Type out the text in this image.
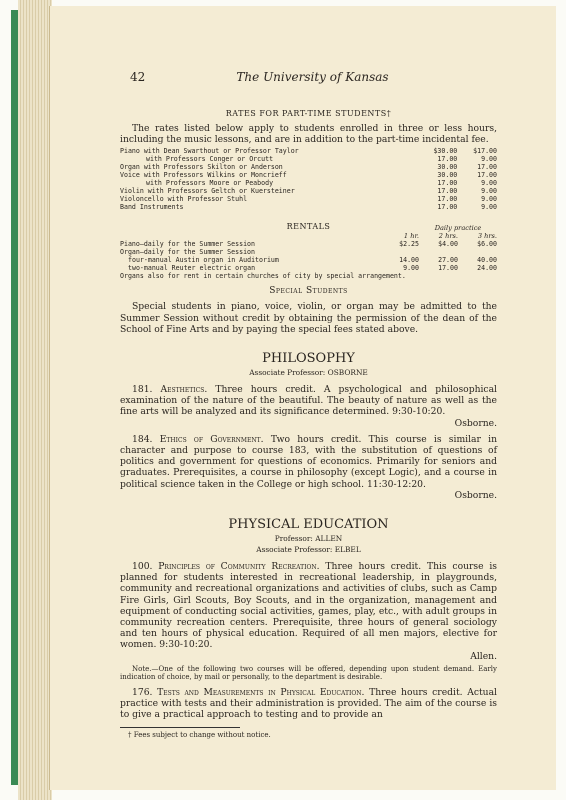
42	The University of Kansas

RATES FOR PART-TIME STUDENTS†

The rates listed below apply to students enrolled in three or less hours, including the music lessons, and are in addition to the part-time incidental fee.

Piano with Dean Swarthout or Professor Taylor	$30.00	$17.00
with Professors Conger or Orcutt	17.00	9.00
Organ with Professors Skilton or Anderson	30.00	17.00
Voice with Professors Wilkins or Moncrieff	30.00	17.00
with Professors Moore or Peabody	17.00	9.00
Violin with Professors Geltch or Kuersteiner	17.00	9.00
Violoncello with Professor Stuhl	17.00	9.00
Band Instruments	17.00	9.00

RENTALS

			Daily practice	
	1 hr.	2 hrs.	3 hrs.
Piano—daily for the Summer Session	$2.25	$4.00	$6.00
Organ—daily for the Summer Session			
four-manual Austin organ in Auditorium	14.00	27.00	40.00
two-manual Reuter electric organ	9.00	17.00	24.00
Organs also for rent in certain churches of city by special arrangement.			

Special Students

Special students in piano, voice, violin, or organ may be admitted to the Summer Session without credit by obtaining the permission of the dean of the School of Fine Arts and by paying the special fees stated above.

PHILOSOPHY

Associate Professor: OSBORNE

181. Aesthetics. Three hours credit. A psychological and philosophical examination of the nature of the beautiful. The beauty of nature as well as the fine arts will be analyzed and its significance determined. 9:30-10:20.

Osborne.

184. Ethics of Government. Two hours credit. This course is similar in character and purpose to course 183, with the substitution of questions of politics and government for questions of economics. Primarily for seniors and graduates. Prerequisites, a course in philosophy (except Logic), and a course in political science taken in the College or high school. 11:30-12:20.

Osborne.

PHYSICAL EDUCATION

Professor: ALLEN

Associate Professor: ELBEL

100. Principles of Community Recreation. Three hours credit. This course is planned for students interested in recreational leadership, in playgrounds, community and recreational organizations and activities of clubs, such as Camp Fire Girls, Girl Scouts, Boy Scouts, and in the organization, management and equipment of conducting social activities, games, play, etc., with adult groups in community recreation centers. Prerequisite, three hours of general sociology and ten hours of physical education. Required of all men majors, elective for women. 9:30-10:20.

Allen.

Note.—One of the following two courses will be offered, depending upon student demand. Early indication of choice, by mail or personally, to the department is desirable.

176. Tests and Measurements in Physical Education. Three hours credit. Actual practice with tests and their administration is provided. The aim of the course is to give a practical approach to testing and to provide an

† Fees subject to change without notice.
